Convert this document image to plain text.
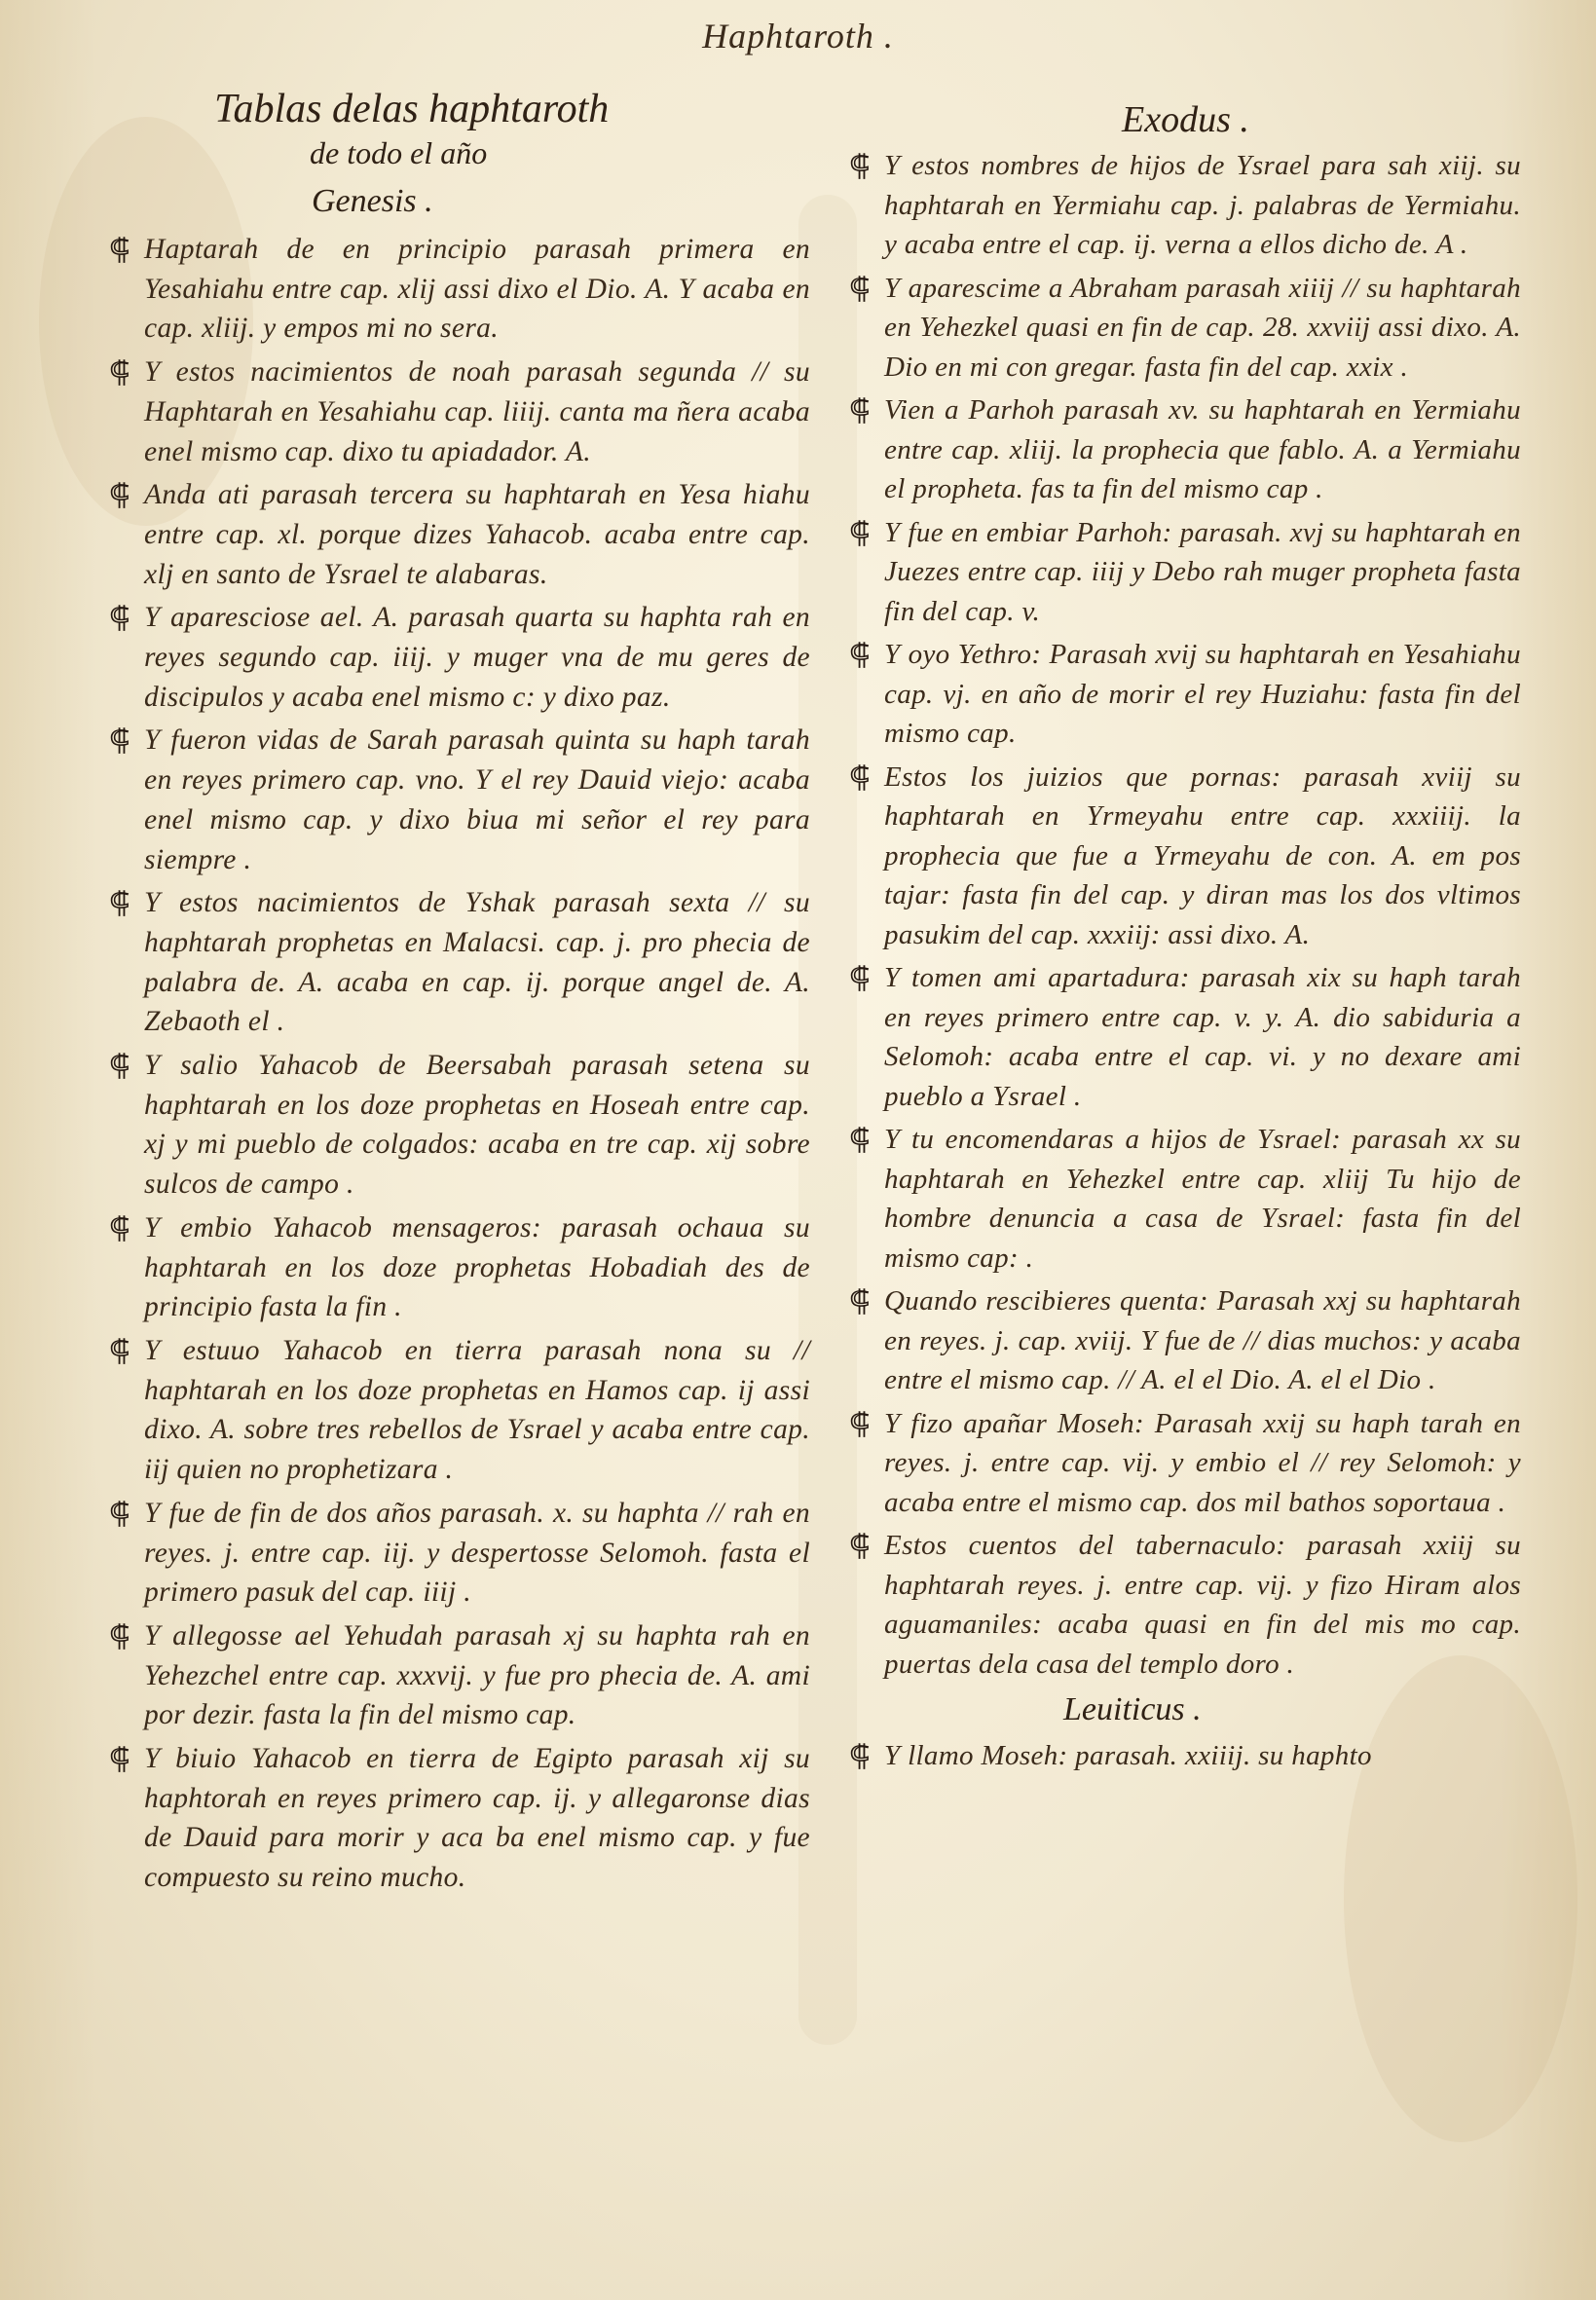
Haphtaroth .
Tablas delas haphtaroth
de todo el año
Genesis .
⸿ Haptarah de en principio parasah primera en Yesahiahu entre cap. xlij assi dixo el Dio. A. Y acaba en cap. xliij. y empos mi no sera.
⸿ Y estos nacimientos de noah parasah segunda // su Haphtarah en Yesahiahu cap. liiij. canta ma ñera acaba enel mismo cap. dixo tu apiadador. A.
⸿ Anda ati parasah tercera su haphtarah en Yesa hiahu entre cap. xl. porque dizes Yahacob. acaba entre cap. xlj en santo de Ysrael te alabaras.
⸿ Y aparesciose ael. A. parasah quarta su haphta rah en reyes segundo cap. iiij. y muger vna de mu geres de discipulos y acaba enel mismo c: y dixo paz.
⸿ Y fueron vidas de Sarah parasah quinta su haph tarah en reyes primero cap. vno. Y el rey Dauid viejo: acaba enel mismo cap. y dixo biua mi señor el rey para siempre .
⸿ Y estos nacimientos de Yshak parasah sexta // su haphtarah prophetas en Malacsi. cap. j. pro phecia de palabra de. A. acaba en cap. ij. porque angel de. A. Zebaoth el .
⸿ Y salio Yahacob de Beersabah parasah setena su haphtarah en los doze prophetas en Hoseah entre cap. xj y mi pueblo de colgados: acaba en tre cap. xij sobre sulcos de campo .
⸿ Y embio Yahacob mensageros: parasah ochaua su haphtarah en los doze prophetas Hobadiah des de principio fasta la fin .
⸿ Y estuuo Yahacob en tierra parasah nona su // haphtarah en los doze prophetas en Hamos cap. ij assi dixo. A. sobre tres rebellos de Ysrael y acaba entre cap. iij quien no prophetizara .
⸿ Y fue de fin de dos años parasah. x. su haphta // rah en reyes. j. entre cap. iij. y despertosse Selomoh. fasta el primero pasuk del cap. iiij .
⸿ Y allegosse ael Yehudah parasah xj su haphta rah en Yehezchel entre cap. xxxvij. y fue pro phecia de. A. ami por dezir. fasta la fin del mismo cap.
⸿ Y biuio Yahacob en tierra de Egipto parasah xij su haphtorah en reyes primero cap. ij. y allegaronse dias de Dauid para morir y aca ba enel mismo cap. y fue compuesto su reino mucho.
Exodus .
⸿ Y estos nombres de hijos de Ysrael para sah xiij. su haphtarah en Yermiahu cap. j. palabras de Yermiahu. y acaba entre el cap. ij. verna a ellos dicho de. A .
⸿ Y aparescime a Abraham parasah xiiij // su haphtarah en Yehezkel quasi en fin de cap. 28. xxviij assi dixo. A. Dio en mi con gregar. fasta fin del cap. xxix .
⸿ Vien a Parhoh parasah xv. su haphtarah en Yermiahu entre cap. xliij. la prophecia que fablo. A. a Yermiahu el propheta. fas ta fin del mismo cap .
⸿ Y fue en embiar Parhoh: parasah. xvj su haphtarah en Juezes entre cap. iiij y Debo rah muger propheta fasta fin del cap. v.
⸿ Y oyo Yethro: Parasah xvij su haphtarah en Yesahiahu cap. vj. en año de morir el rey Huziahu: fasta fin del mismo cap.
⸿ Estos los juizios que pornas: parasah xviij su haphtarah en Yrmeyahu entre cap. xxxiiij. la prophecia que fue a Yrmeyahu de con. A. em pos tajar: fasta fin del cap. y diran mas los dos vltimos pasukim del cap. xxxiij: assi dixo. A.
⸿ Y tomen ami apartadura: parasah xix su haph tarah en reyes primero entre cap. v. y. A. dio sabiduria a Selomoh: acaba entre el cap. vi. y no dexare ami pueblo a Ysrael .
⸿ Y tu encomendaras a hijos de Ysrael: parasah xx su haphtarah en Yehezkel entre cap. xliij Tu hijo de hombre denuncia a casa de Ysrael: fasta fin del mismo cap: .
⸿ Quando rescibieres quenta: Parasah xxj su haphtarah en reyes. j. cap. xviij. Y fue de // dias muchos: y acaba entre el mismo cap. // A. el el Dio. A. el el Dio .
⸿ Y fizo apañar Moseh: Parasah xxij su haph tarah en reyes. j. entre cap. vij. y embio el // rey Selomoh: y acaba entre el mismo cap. dos mil bathos soportaua .
⸿ Estos cuentos del tabernaculo: parasah xxiij su haphtarah reyes. j. entre cap. vij. y fizo Hiram alos aguamaniles: acaba quasi en fin del mis mo cap. puertas dela casa del templo doro .
Leuiticus .
⸿ Y llamo Moseh: parasah. xxiiij. su haphto
